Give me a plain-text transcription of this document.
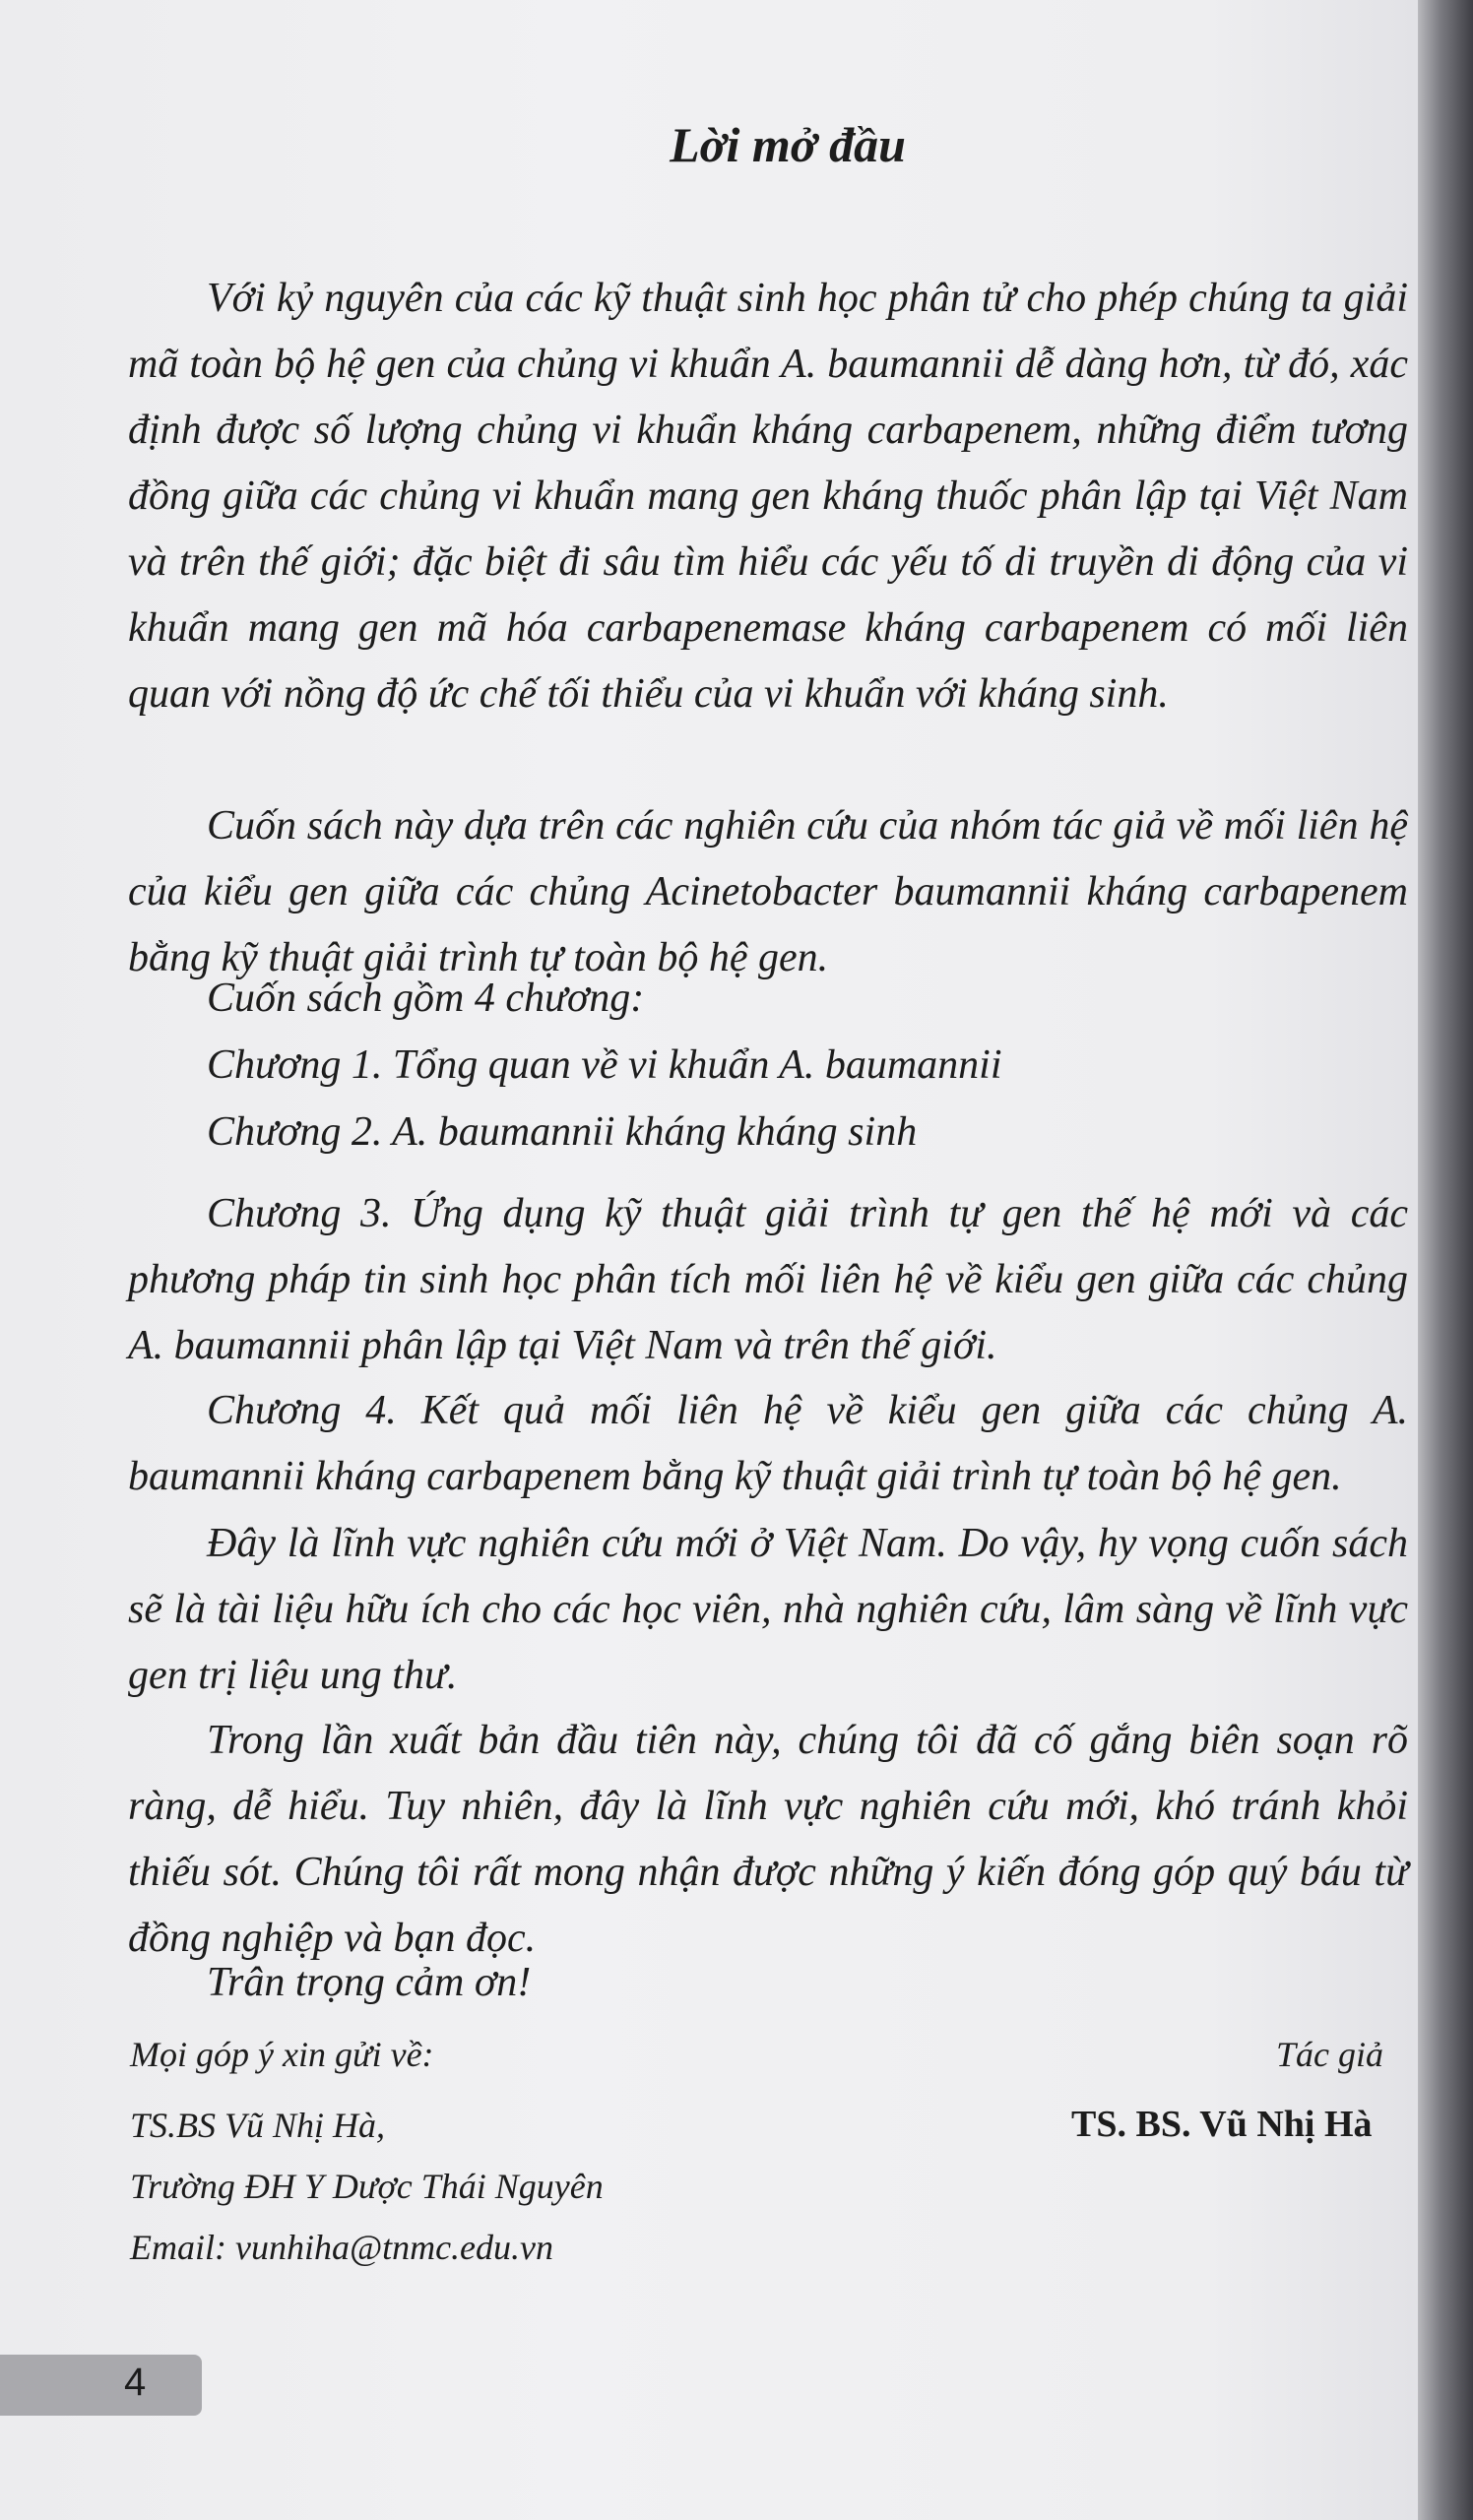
Lời mở đầu

Với kỷ nguyên của các kỹ thuật sinh học phân tử cho phép chúng ta giải mã toàn bộ hệ gen của chủng vi khuẩn A. baumannii dễ dàng hơn, từ đó, xác định được số lượng chủng vi khuẩn kháng carbapenem, những điểm tương đồng giữa các chủng vi khuẩn mang gen kháng thuốc phân lập tại Việt Nam và trên thế giới; đặc biệt đi sâu tìm hiểu các yếu tố di truyền di động của vi khuẩn mang gen mã hóa carbapenemase kháng carbapenem có mối liên quan với nồng độ ức chế tối thiểu của vi khuẩn với kháng sinh.

Cuốn sách này dựa trên các nghiên cứu của nhóm tác giả về mối liên hệ của kiểu gen giữa các chủng Acinetobacter baumannii kháng carbapenem bằng kỹ thuật giải trình tự toàn bộ hệ gen.

Cuốn sách gồm 4 chương:

Chương 1. Tổng quan về vi khuẩn A. baumannii

Chương 2. A. baumannii kháng kháng sinh

Chương 3. Ứng dụng kỹ thuật giải trình tự gen thế hệ mới và các phương pháp tin sinh học phân tích mối liên hệ về kiểu gen giữa các chủng A. baumannii phân lập tại Việt Nam và trên thế giới.

Chương 4. Kết quả mối liên hệ về kiểu gen giữa các chủng A. baumannii kháng carbapenem bằng kỹ thuật giải trình tự toàn bộ hệ gen.

Đây là lĩnh vực nghiên cứu mới ở Việt Nam. Do vậy, hy vọng cuốn sách sẽ là tài liệu hữu ích cho các học viên, nhà nghiên cứu, lâm sàng về lĩnh vực gen trị liệu ung thư.

Trong lần xuất bản đầu tiên này, chúng tôi đã cố gắng biên soạn rõ ràng, dễ hiểu. Tuy nhiên, đây là lĩnh vực nghiên cứu mới, khó tránh khỏi thiếu sót. Chúng tôi rất mong nhận được những ý kiến đóng góp quý báu từ đồng nghiệp và bạn đọc.

Trân trọng cảm ơn!

Mọi góp ý xin gửi về:	Tác giả

TS.BS Vũ Nhị Hà,	TS. BS. Vũ Nhị Hà

Trường ĐH Y Dược Thái Nguyên

Email: vunhiha@tnmc.edu.vn

4
